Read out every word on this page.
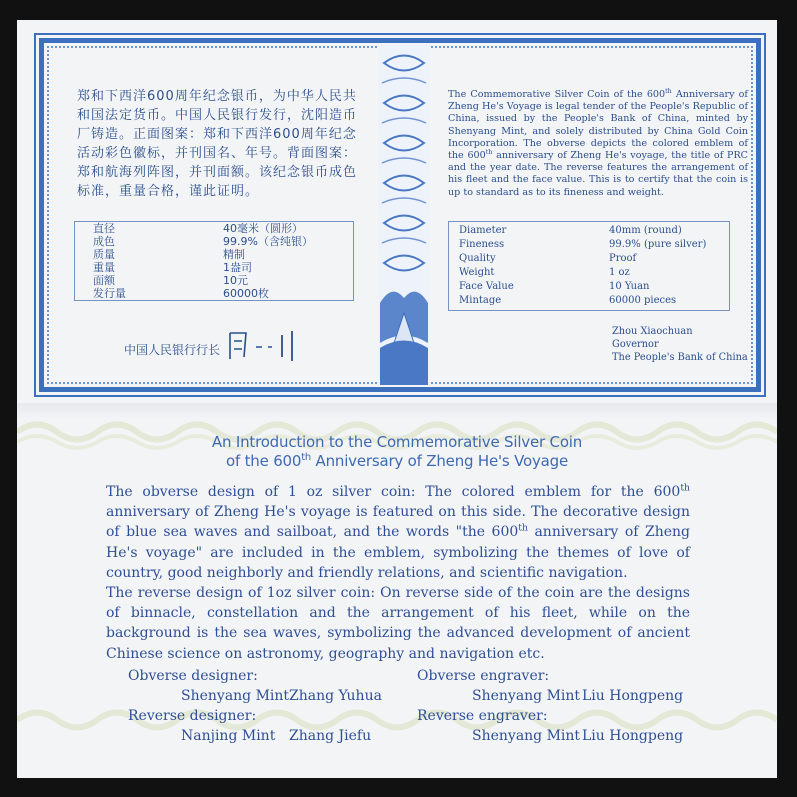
郑和下西洋600周年纪念银币，为中华人民共和国法定货币。中国人民银行发行，沈阳造币厂铸造。正面图案：郑和下西洋600周年纪念活动彩色徽标，并刊国名、年号。背面图案：郑和航海列阵图，并刊面额。该纪念银币成色标准，重量合格，谨此证明。
直径	40毫米（圆形）
成色	99.9%（含纯银）
质量	精制
重量	1盎司
面额	10元
发行量	60000枚
中国人民银行行长
The Commemorative Silver Coin of the 600th Anniversary of Zheng He's Voyage is legal tender of the People's Republic of China, issued by the People's Bank of China, minted by Shenyang Mint, and solely distributed by China Gold Coin Incorporation. The obverse depicts the colored emblem of the 600th anniversary of Zheng He's voyage, the title of PRC and the year date. The reverse features the arrangement of his fleet and the face value. This is to certify that the coin is up to standard as to its fineness and weight.
Diameter	40mm (round)
Fineness	99.9% (pure silver)
Quality	Proof
Weight	1 oz
Face Value	10 Yuan
Mintage	60000 pieces
Zhou Xiaochuan
Governor
The People's Bank of China
An Introduction to the Commemorative Silver Coin
of the 600th Anniversary of Zheng He's Voyage

The obverse design of 1 oz silver coin: The colored emblem for the 600th anniversary of Zheng He's voyage is featured on this side. The decorative design of blue sea waves and sailboat, and the words "the 600th anniversary of Zheng He's voyage" are included in the emblem, symbolizing the themes of love of country, good neighborly and friendly relations, and scientific navigation.

The reverse design of 1oz silver coin: On reverse side of the coin are the designs of binnacle, constellation and the arrangement of his fleet, while on the background is the sea waves, symbolizing the advanced development of ancient Chinese science on astronomy, geography and navigation etc.

Obverse designer:
Shenyang Mint Zhang Yuhua
Reverse designer:
Nanjing Mint Zhang Jiefu
Obverse engraver:
Shenyang Mint Liu Hongpeng
Reverse engraver:
Shenyang Mint Liu Hongpeng
